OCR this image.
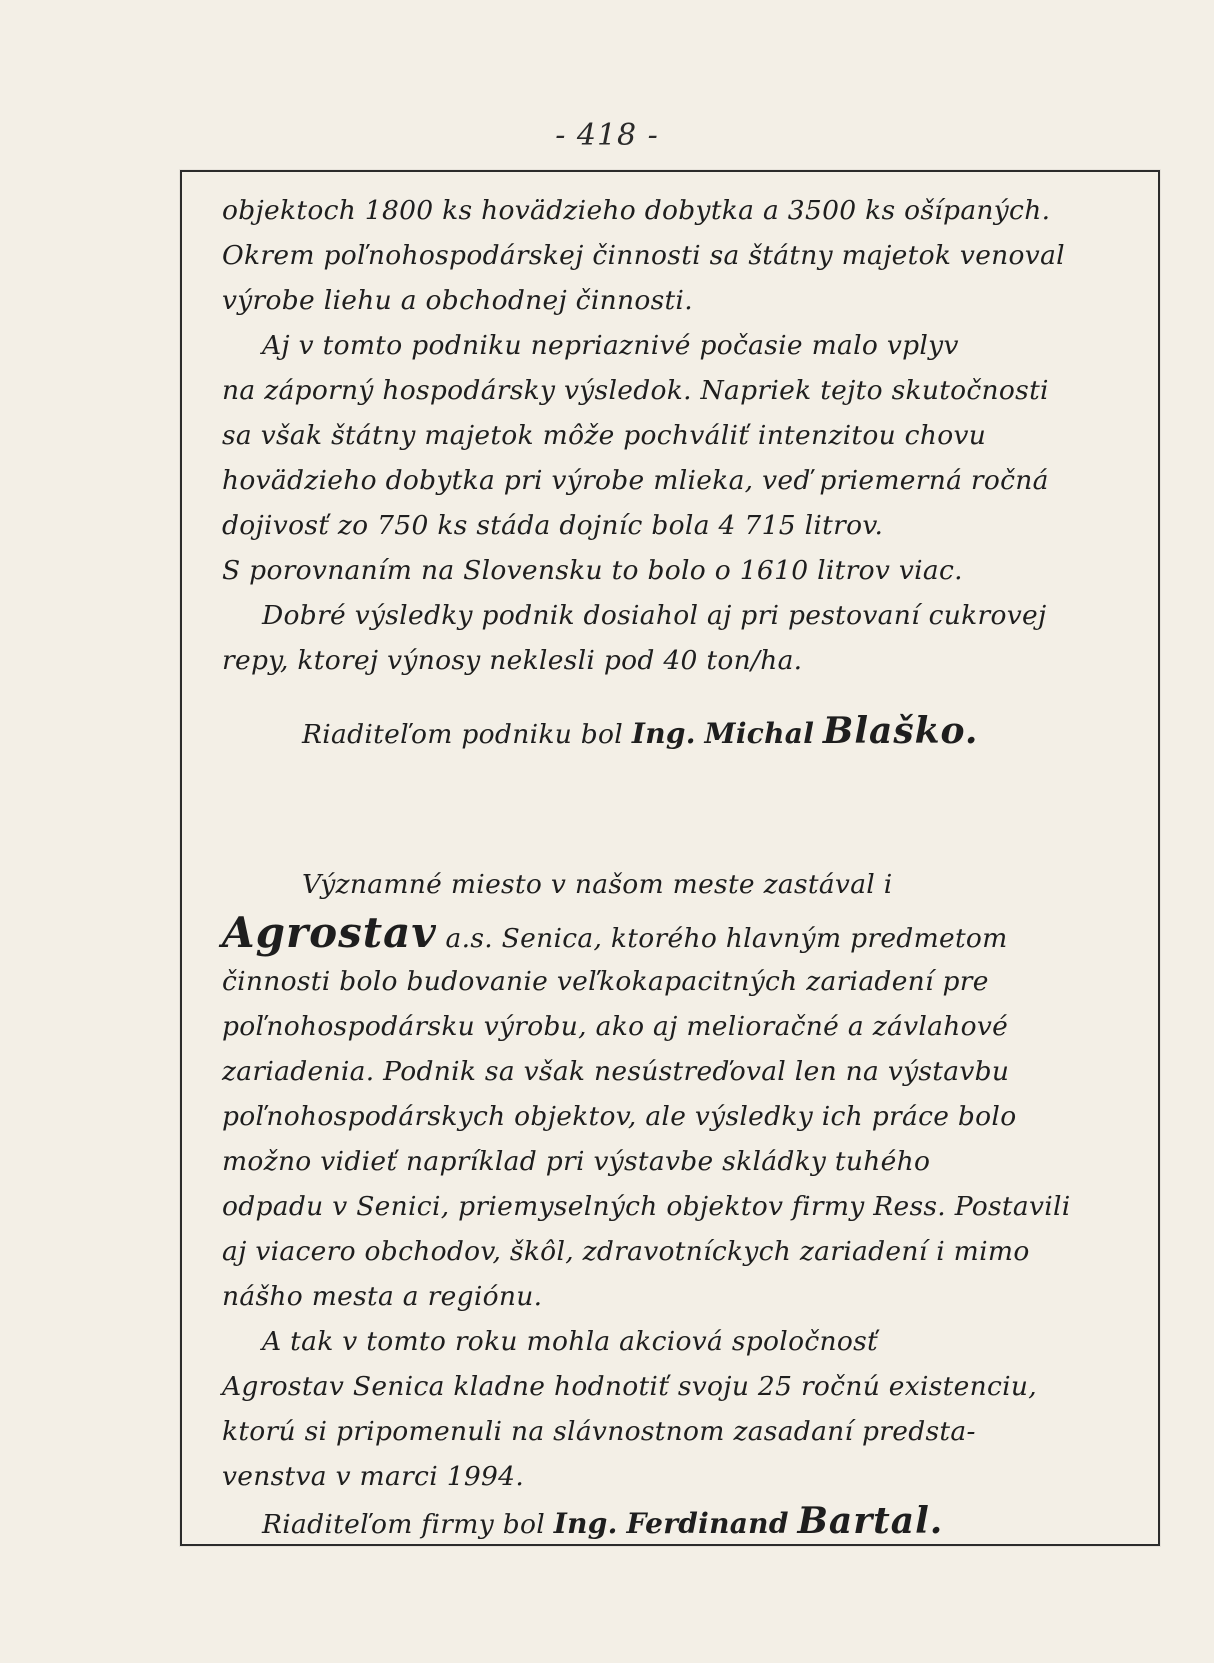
- 418 -
objektoch 1800 ks hovädzieho dobytka a 3500 ks ošípaných.
Okrem poľnohospodárskej činnosti sa štátny majetok venoval
výrobe liehu a obchodnej činnosti.
Aj v tomto podniku nepriaznivé počasie malo vplyv
na záporný hospodársky výsledok. Napriek tejto skutočnosti
sa však štátny majetok môže pochváliť intenzitou chovu
hovädzieho dobytka pri výrobe mlieka, veď priemerná ročná
dojivosť zo 750 ks stáda dojníc bola 4 715 litrov.
S porovnaním na Slovensku to bolo o 1610 litrov viac.
Dobré výsledky podnik dosiahol aj pri pestovaní cukrovej
repy, ktorej výnosy neklesli pod 40 ton/ha.
Riaditeľom podniku bol Ing. Michal Blaško.
Významné miesto v našom meste zastával i
Agrostav a.s. Senica, ktorého hlavným predmetom
činnosti bolo budovanie veľkokapacitných zariadení pre
poľnohospodársku výrobu, ako aj melioračné a závlahové
zariadenia. Podnik sa však nesústreďoval len na výstavbu
poľnohospodárskych objektov, ale výsledky ich práce bolo
možno vidieť napríklad pri výstavbe skládky tuhého
odpadu v Senici, priemyselných objektov firmy Ress. Postavili
aj viacero obchodov, škôl, zdravotníckych zariadení i mimo
nášho mesta a regiónu.
A tak v tomto roku mohla akciová spoločnosť
Agrostav Senica kladne hodnotiť svoju 25 ročnú existenciu,
ktorú si pripomenuli na slávnostnom zasadaní predsta-
venstva v marci 1994.
Riaditeľom firmy bol Ing. Ferdinand Bartal.
